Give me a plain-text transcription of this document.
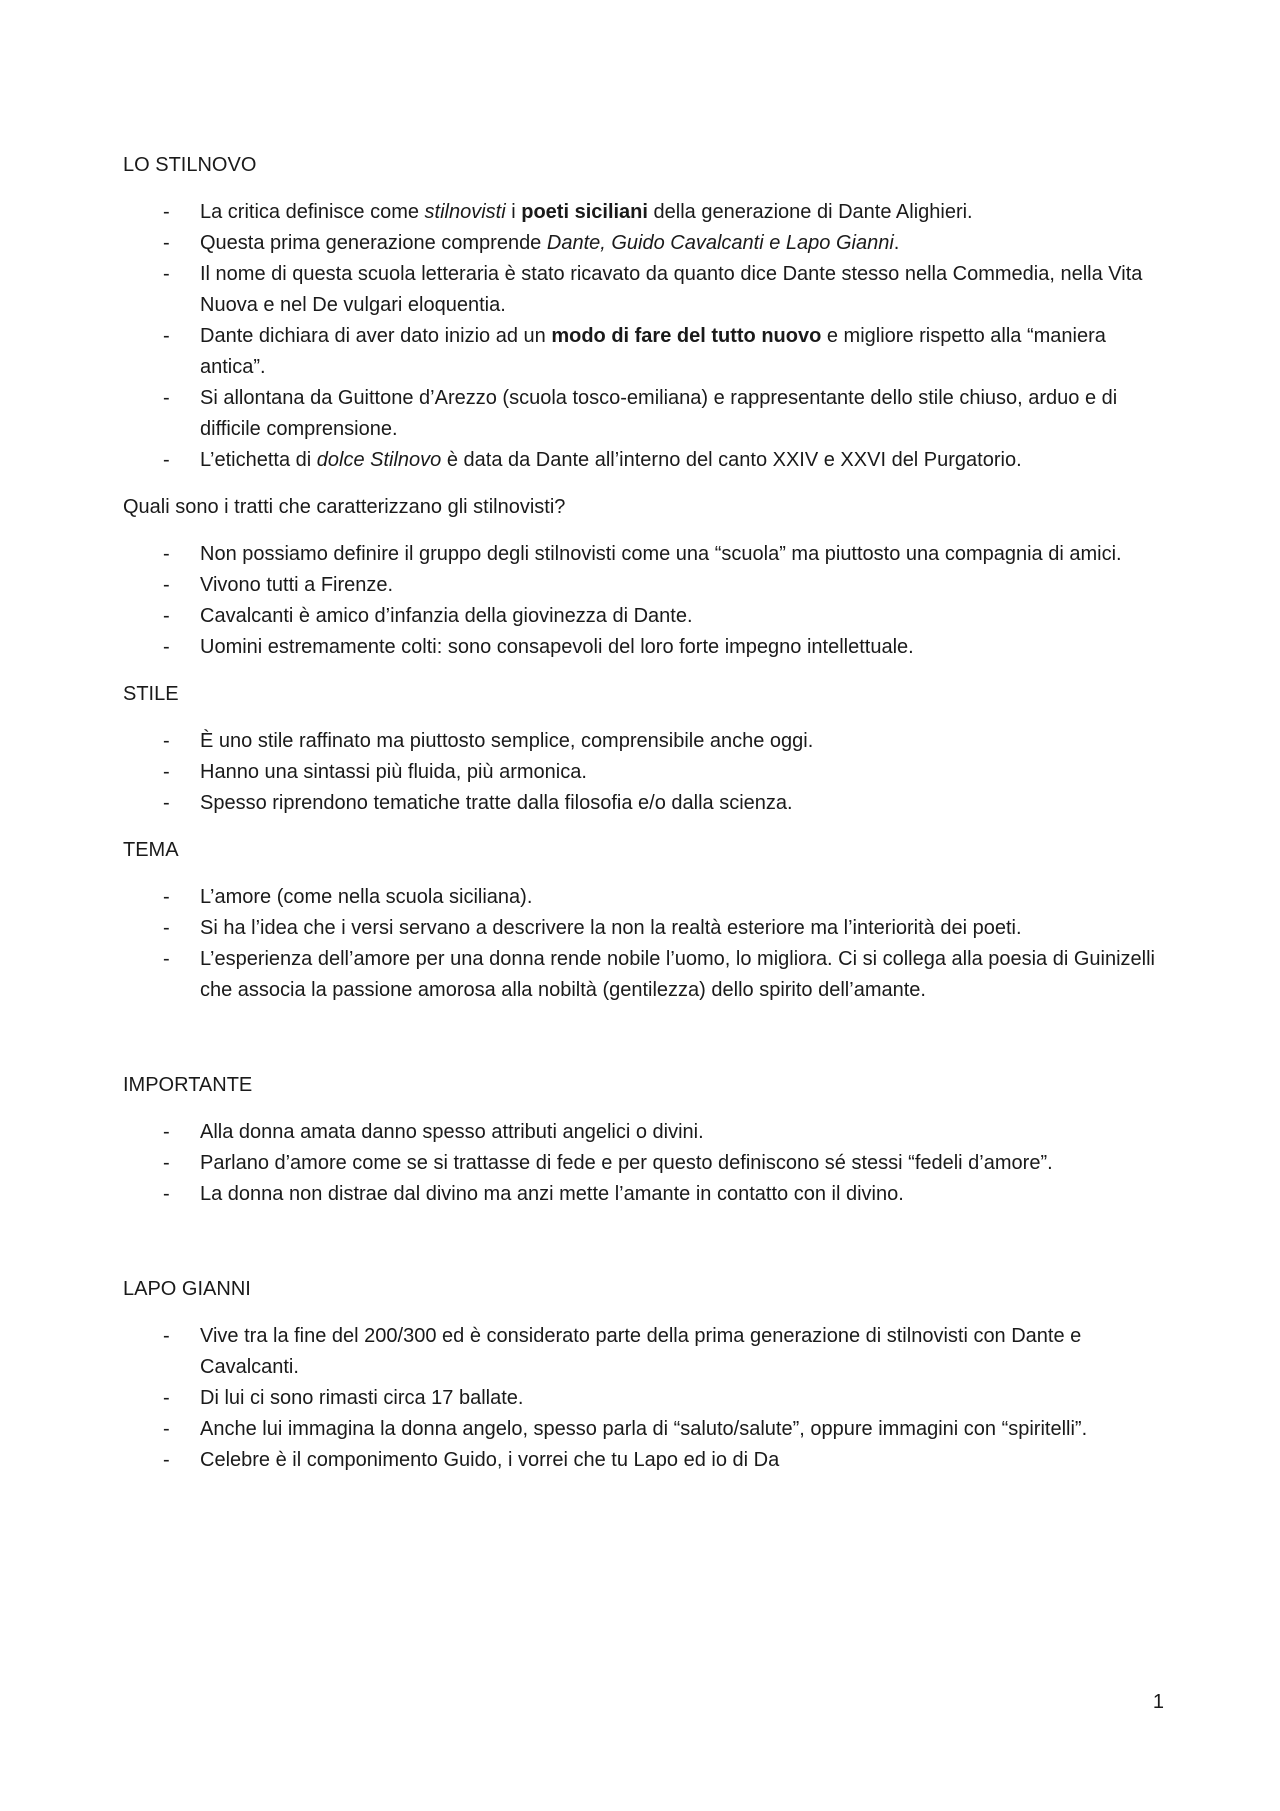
LO STILNOVO

- La critica definisce come stilnovisti i poeti siciliani della generazione di Dante Alighieri.
- Questa prima generazione comprende Dante, Guido Cavalcanti e Lapo Gianni.
- Il nome di questa scuola letteraria è stato ricavato da quanto dice Dante stesso nella Commedia, nella Vita Nuova e nel De vulgari eloquentia.
- Dante dichiara di aver dato inizio ad un modo di fare del tutto nuovo e migliore rispetto alla “maniera antica”.
- Si allontana da Guittone d’Arezzo (scuola tosco-emiliana) e rappresentante dello stile chiuso, arduo e di difficile comprensione.
- L’etichetta di dolce Stilnovo è data da Dante all’interno del canto XXIV e XXVI del Purgatorio.

Quali sono i tratti che caratterizzano gli stilnovisti?

- Non possiamo definire il gruppo degli stilnovisti come una “scuola” ma piuttosto una compagnia di amici.
- Vivono tutti a Firenze.
- Cavalcanti è amico d’infanzia della giovinezza di Dante.
- Uomini estremamente colti: sono consapevoli del loro forte impegno intellettuale.

STILE

- È uno stile raffinato ma piuttosto semplice, comprensibile anche oggi.
- Hanno una sintassi più fluida, più armonica.
- Spesso riprendono tematiche tratte dalla filosofia e/o dalla scienza.

TEMA

- L’amore (come nella scuola siciliana).
- Si ha l’idea che i versi servano a descrivere la non la realtà esteriore ma l’interiorità dei poeti.
- L’esperienza dell’amore per una donna rende nobile l’uomo, lo migliora. Ci si collega alla poesia di Guinizelli che associa la passione amorosa alla nobiltà (gentilezza) dello spirito dell’amante.

IMPORTANTE

- Alla donna amata danno spesso attributi angelici o divini.
- Parlano d’amore come se si trattasse di fede e per questo definiscono sé stessi “fedeli d’amore”.
- La donna non distrae dal divino ma anzi mette l’amante in contatto con il divino.

LAPO GIANNI

- Vive tra la fine del 200/300 ed è considerato parte della prima generazione di stilnovisti con Dante e Cavalcanti.
- Di lui ci sono rimasti circa 17 ballate.
- Anche lui immagina la donna angelo, spesso parla di “saluto/salute”, oppure immagini con “spiritelli”.
- Celebre è il componimento Guido, i vorrei che tu Lapo ed io di Da
1
